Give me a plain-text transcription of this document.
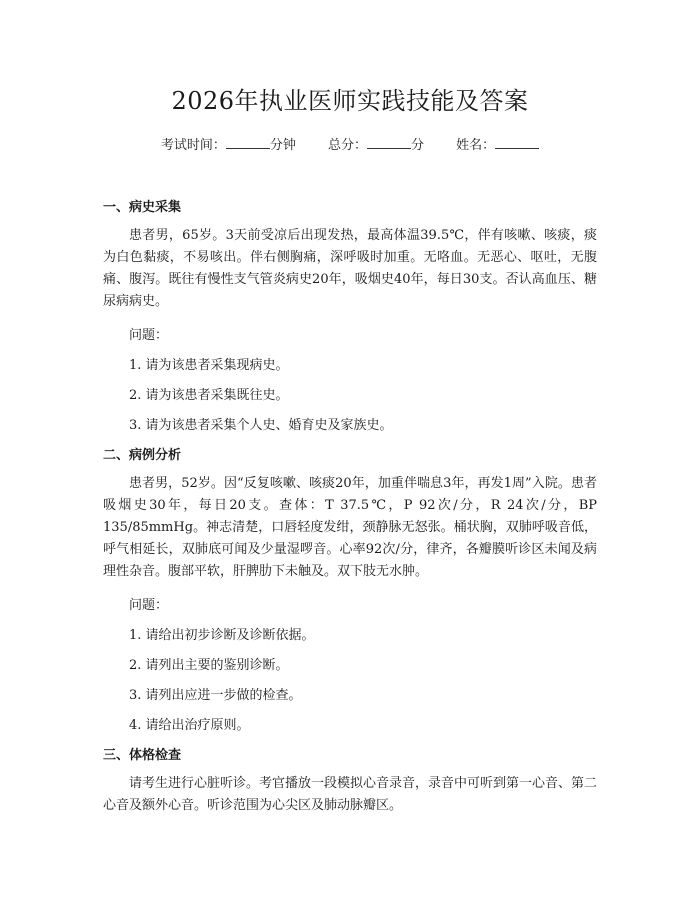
2026年执业医师实践技能及答案
考试时间：	分钟 总分：	分 姓名：
一、病史采集

患者男，65岁。3天前受凉后出现发热，最高体温39.5℃，伴有咳嗽、咳痰，痰为白色黏痰，不易咳出。伴右侧胸痛，深呼吸时加重。无咯血。无恶心、呕吐，无腹痛、腹泻。既往有慢性支气管炎病史20年，吸烟史40年，每日30支。否认高血压、糖尿病病史。

问题：

1. 请为该患者采集现病史。
2. 请为该患者采集既往史。
3. 请为该患者采集个人史、婚育史及家族史。
二、病例分析

患者男，52岁。因“反复咳嗽、咳痰20年，加重伴喘息3年，再发1周”入院。患者吸烟史30年，每日20支。查体：T 37.5℃，P 92次/分，R 24次/分，BP 135/85mmHg。神志清楚，口唇轻度发绀，颈静脉无怒张。桶状胸，双肺呼吸音低，呼气相延长，双肺底可闻及少量湿啰音。心率92次/分，律齐，各瓣膜听诊区未闻及病理性杂音。腹部平软，肝脾肋下未触及。双下肢无水肿。

问题：

1. 请给出初步诊断及诊断依据。
2. 请列出主要的鉴别诊断。
3. 请列出应进一步做的检查。
4. 请给出治疗原则。
三、体格检查

请考生进行心脏听诊。考官播放一段模拟心音录音，录音中可听到第一心音、第二心音及额外心音。听诊范围为心尖区及肺动脉瓣区。
